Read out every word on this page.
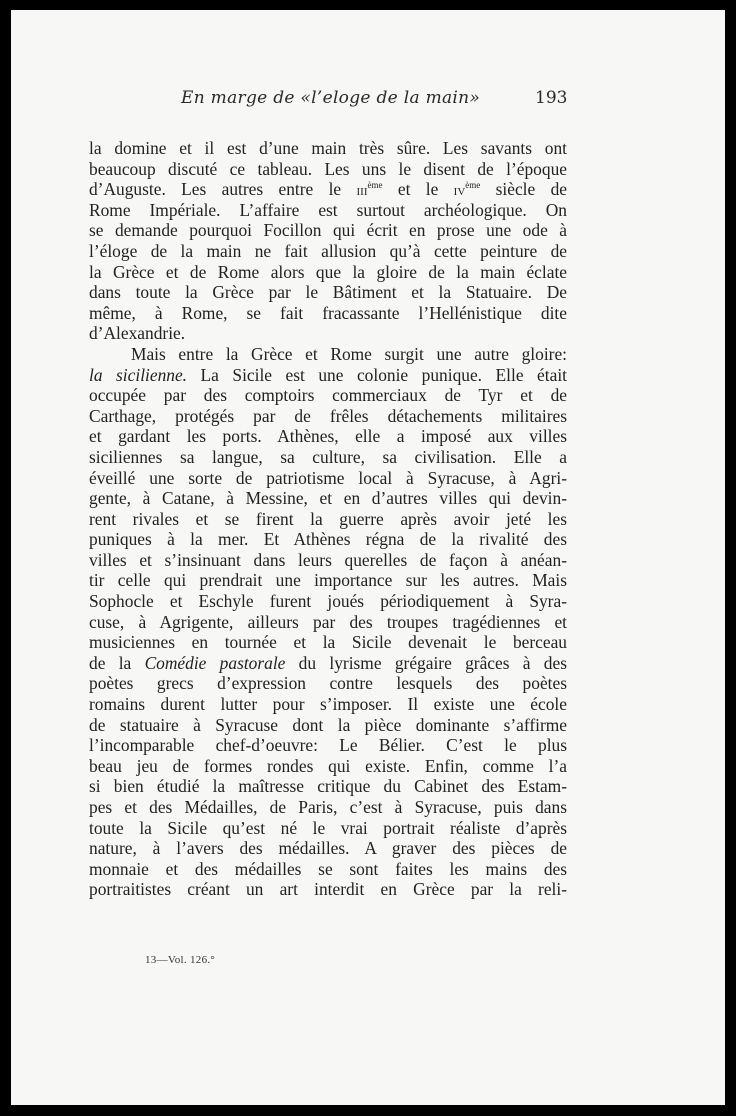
En marge de «l’eloge de la main»	193
la domine et il est d’une main très sûre. Les savants ont
beaucoup discuté ce tableau. Les uns le disent de l’époque
d’Auguste. Les autres entre le iii$^{ème}$ et le $iv^{ème}$ siècle de
Rome Impériale. L’affaire est surtout archéologique. On
se demande pourquoi Focillon qui écrit en prose une ode à
l’éloge de la main ne fait allusion qu’à cette peinture de
la Grèce et de Rome alors que la gloire de la main éclate
dans toute la Grèce par le Bâtiment et la Statuaire. De
même, à Rome, se fait fracassante l’Hellénistique dite
d’Alexandrie.
Mais entre la Grèce et Rome surgit une autre gloire:
la sicilienne. La Sicile est une colonie punique. Elle était
occupée par des comptoirs commerciaux de Tyr et de
Carthage, protégés par de frêles détachements militaires
et gardant les ports. Athènes, elle a imposé aux villes
siciliennes sa langue, sa culture, sa civilisation. Elle a
éveillé une sorte de patriotisme local à Syracuse, à Agri-
gente, à Catane, à Messine, et en d’autres villes qui devin-
rent rivales et se firent la guerre après avoir jeté les
puniques à la mer. Et Athènes régna de la rivalité des
villes et s’insinuant dans leurs querelles de façon à anéan-
tir celle qui prendrait une importance sur les autres. Mais
Sophocle et Eschyle furent joués périodiquement à Syra-
cuse, à Agrigente, ailleurs par des troupes tragédiennes et
musiciennes en tournée et la Sicile devenait le berceau
de la Comédie pastorale du lyrisme grégaire grâces à des
poètes grecs d’expression contre lesquels des poètes
romains durent lutter pour s’imposer. Il existe une école
de statuaire à Syracuse dont la pièce dominante s’affirme
l’incomparable chef-d’oeuvre: Le Bélier. C’est le plus
beau jeu de formes rondes qui existe. Enfin, comme l’a
si bien étudié la maîtresse critique du Cabinet des Estam-
pes et des Médailles, de Paris, c’est à Syracuse, puis dans
toute la Sicile qu’est né le vrai portrait réaliste d’après
nature, à l’avers des médailles. A graver des pièces de
monnaie et des médailles se sont faites les mains des
portraitistes créant un art interdit en Grèce par la reli-
13—Vol. 126.°
